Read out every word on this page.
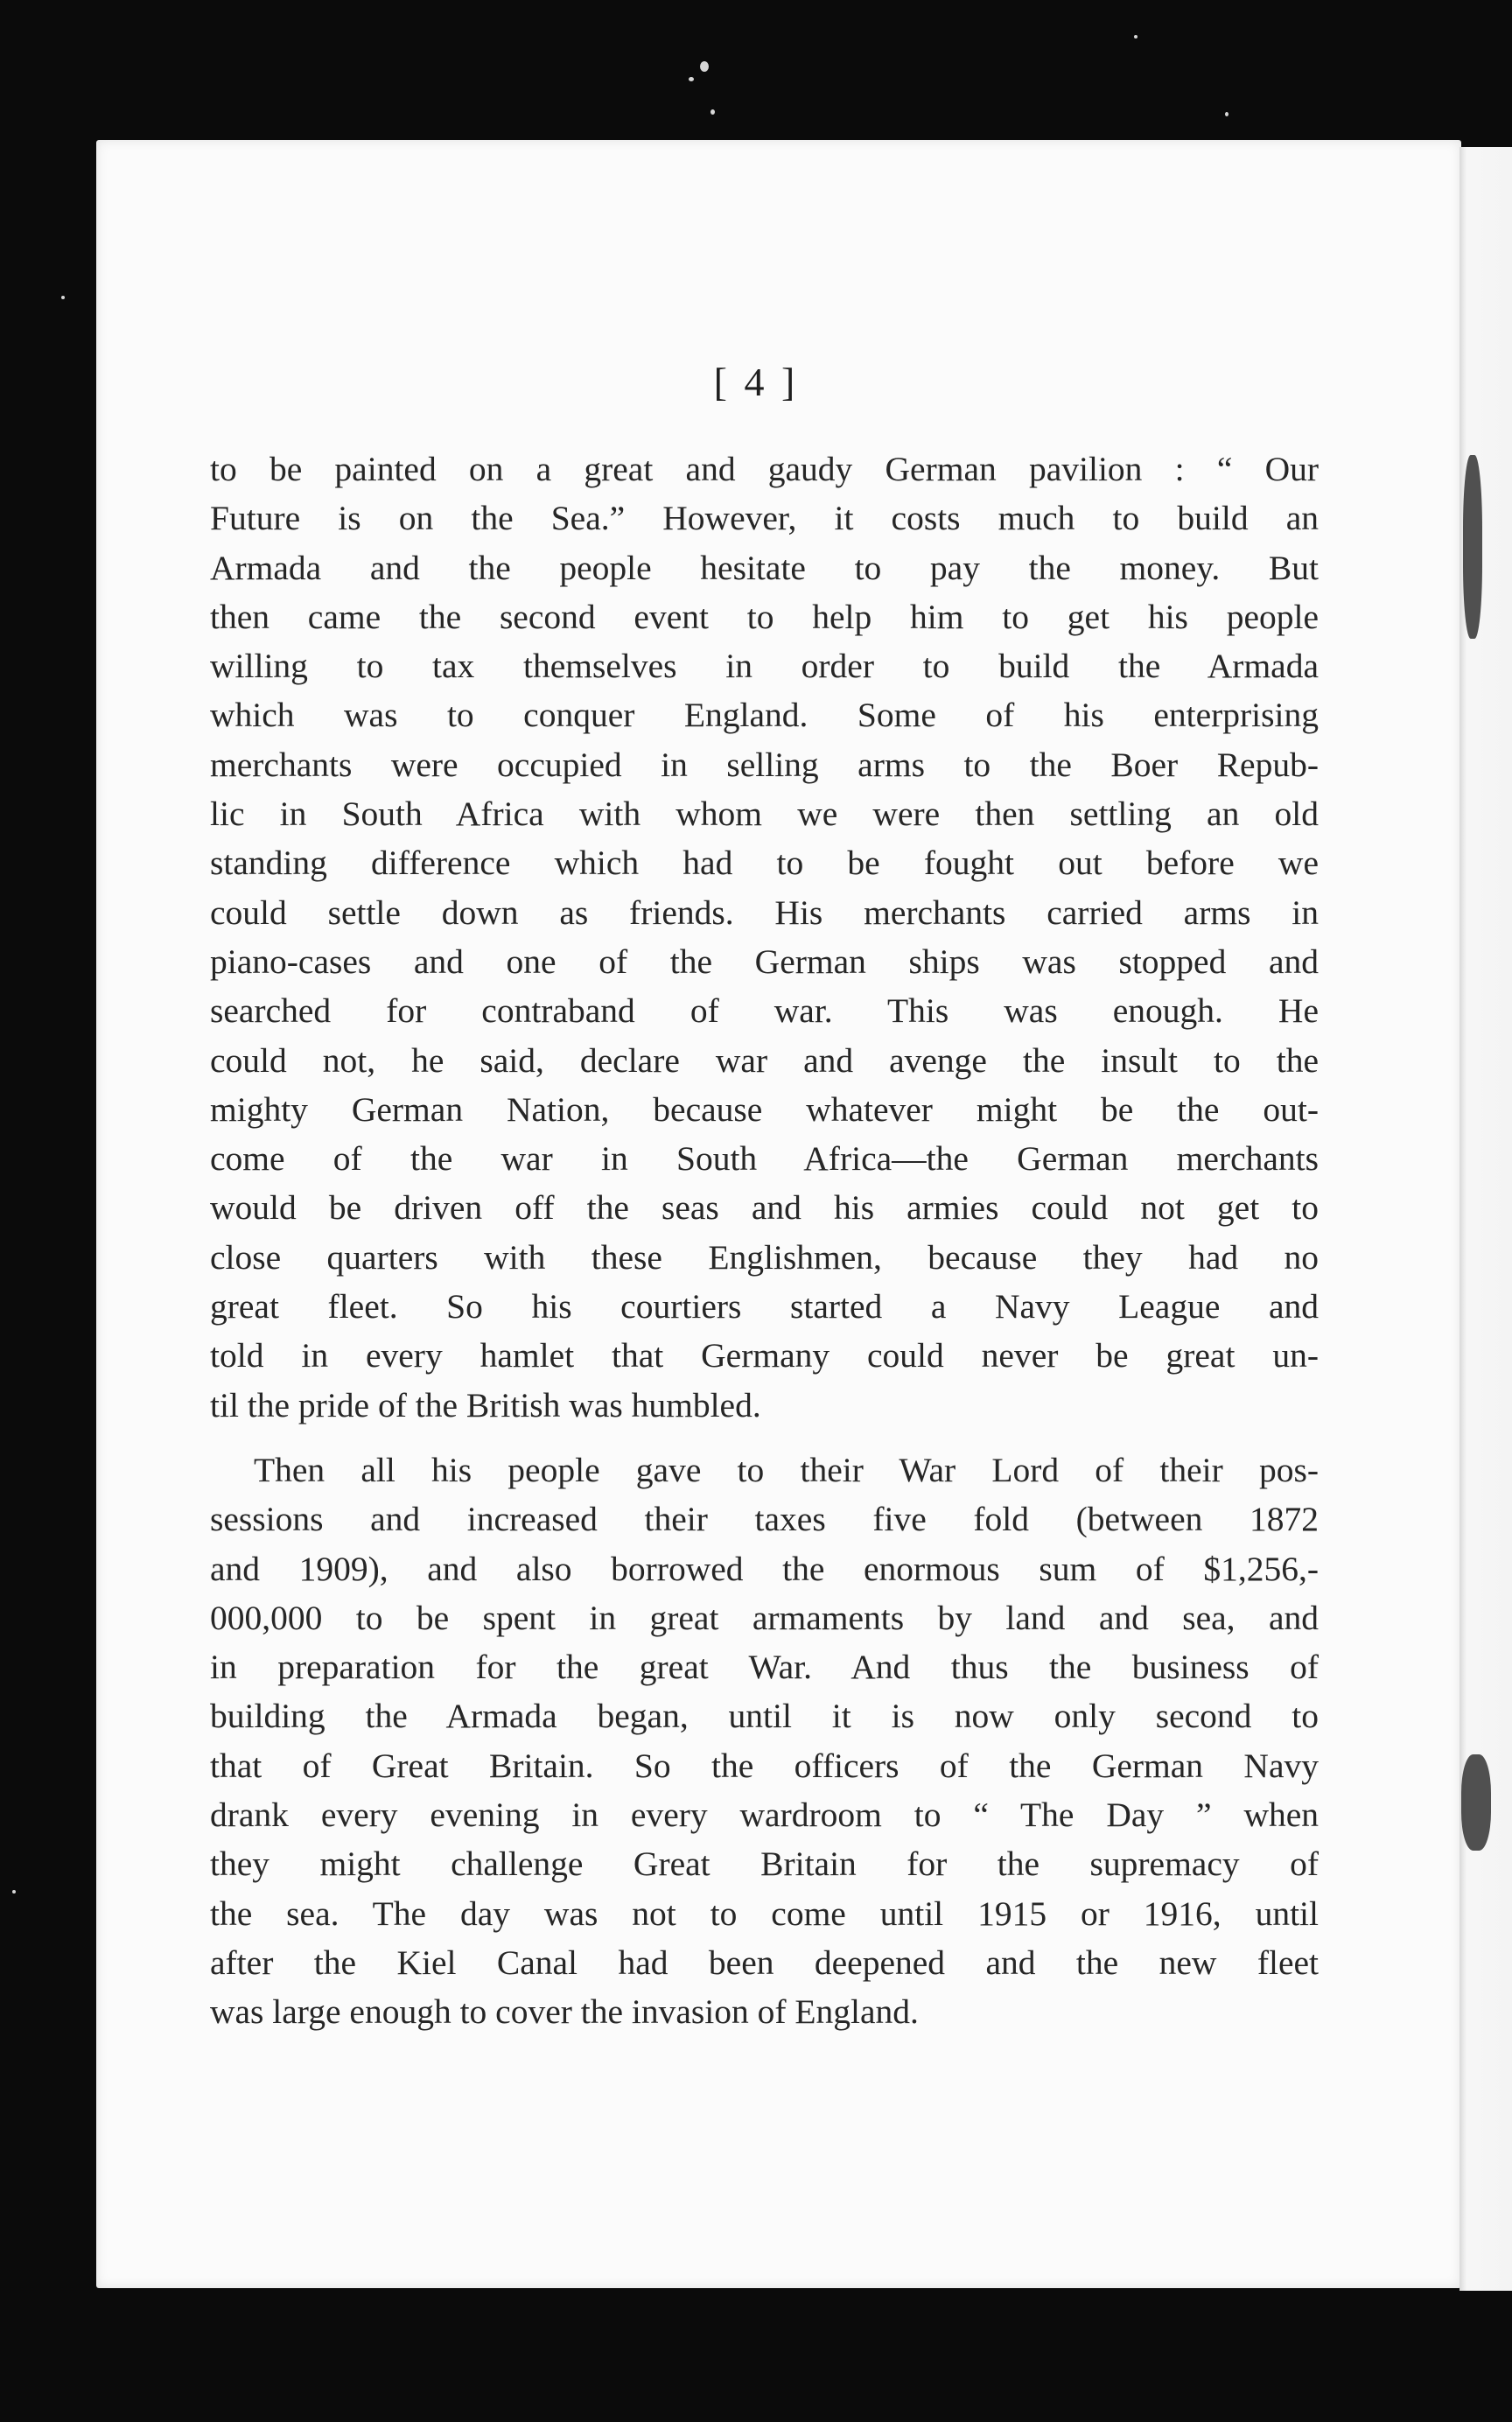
[ 4 ]

to be painted on a great and gaudy German pavilion : “ Our

Future is on the Sea.” However, it costs much to build an

Armada and the people hesitate to pay the money. But

then came the second event to help him to get his people

willing to tax themselves in order to build the Armada

which was to conquer England. Some of his enterprising

merchants were occupied in selling arms to the Boer Repub-

lic in South Africa with whom we were then settling an old

standing difference which had to be fought out before we

could settle down as friends. His merchants carried arms in

piano-cases and one of the German ships was stopped and

searched for contraband of war. This was enough. He

could not, he said, declare war and avenge the insult to the

mighty German Nation, because whatever might be the out-

come of the war in South Africa—the German merchants

would be driven off the seas and his armies could not get to

close quarters with these Englishmen, because they had no

great fleet. So his courtiers started a Navy League and

told in every hamlet that Germany could never be great un-

til the pride of the British was humbled.

Then all his people gave to their War Lord of their pos-

sessions and increased their taxes five fold (between 1872

and 1909), and also borrowed the enormous sum of $1,256,-

000,000 to be spent in great armaments by land and sea, and

in preparation for the great War. And thus the business of

building the Armada began, until it is now only second to

that of Great Britain. So the officers of the German Navy

drank every evening in every wardroom to “ The Day ” when

they might challenge Great Britain for the supremacy of

the sea. The day was not to come until 1915 or 1916, until

after the Kiel Canal had been deepened and the new fleet

was large enough to cover the invasion of England.
